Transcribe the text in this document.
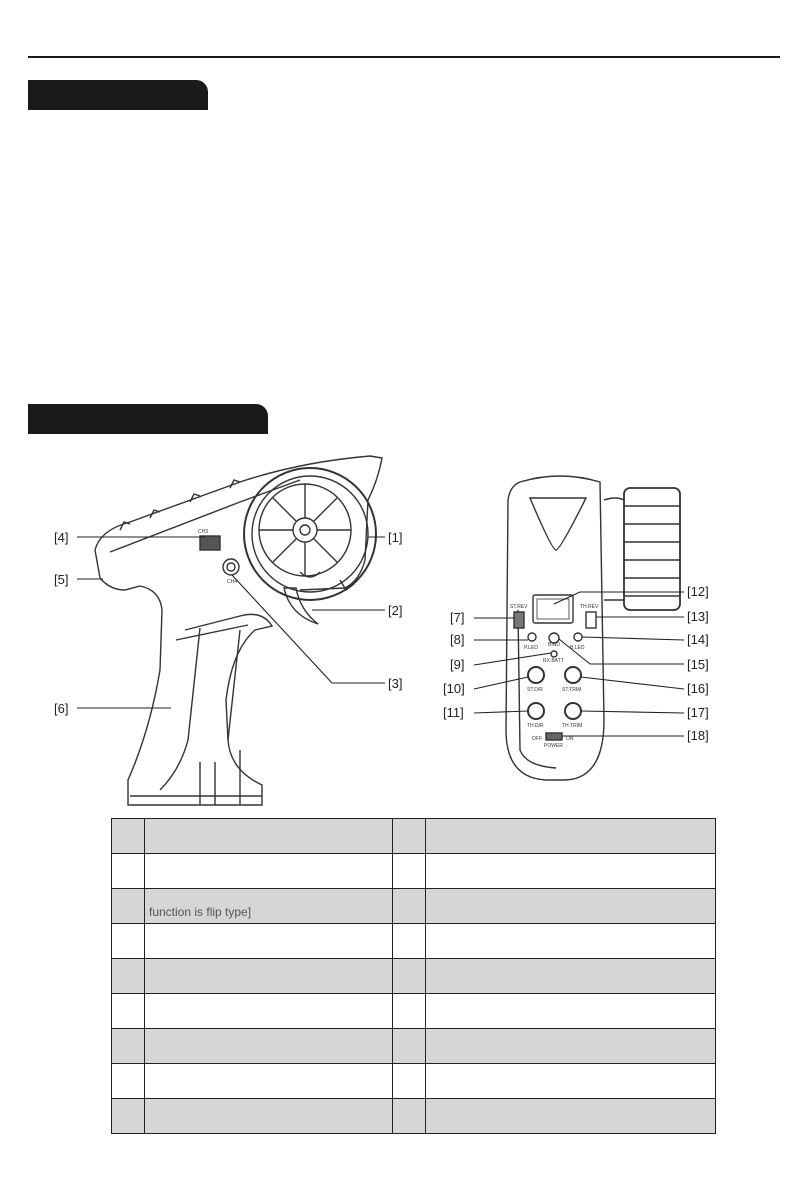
CH3
CH4
[1]
[2]
[3]
[4]
[5]
[6]
ST.REV	TH.REV
P.LED	B.LED
BIND
RX.BATT
ST.D/R	ST.TRIM
TH.D/R	TH.TRIM
OFF	ON
POWER
[7]
[8]
[9]
[10]
[11]
[12]
[13]
[14]
[15]
[16]
[17]
[18]

	function is flip type]		
